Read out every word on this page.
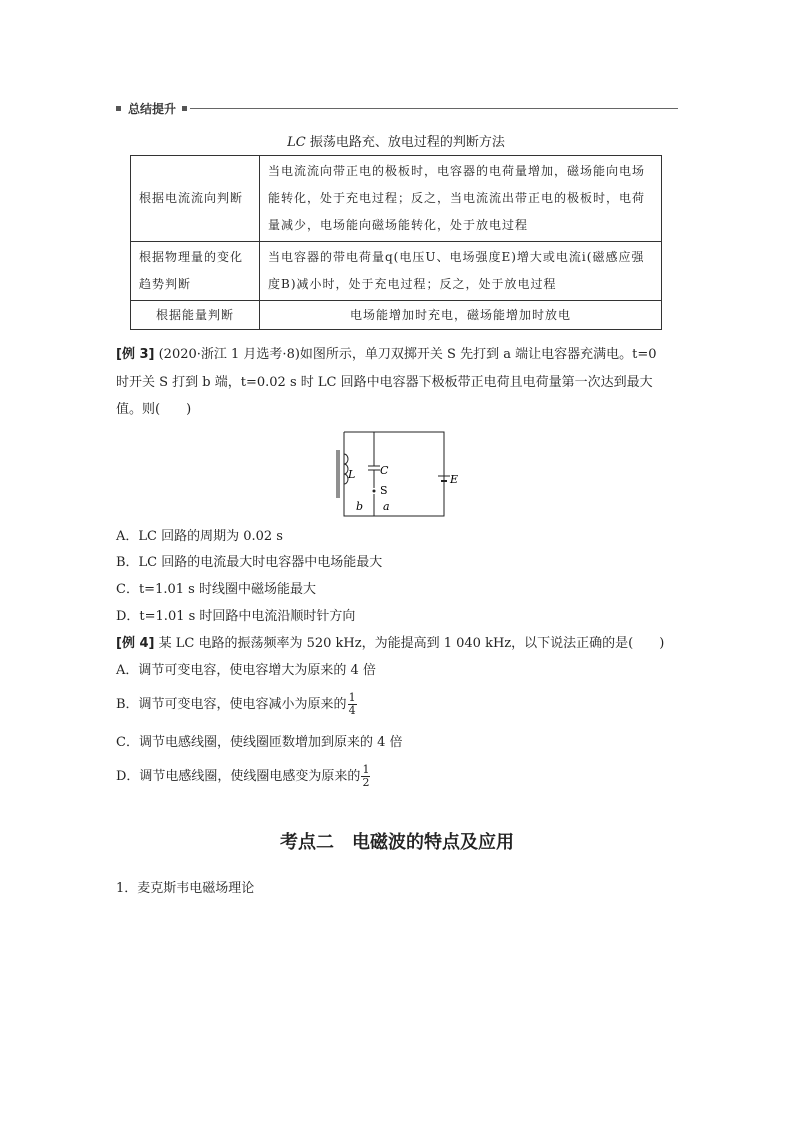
总结提升
LC 振荡电路充、放电过程的判断方法
根据电流流向判断	当电流流向带正电的极板时，电容器的电荷量增加，磁场能向电场能转化，处于充电过程；反之，当电流流出带正电的极板时，电荷量减少，电场能向磁场能转化，处于放电过程
根据物理量的变化趋势判断	当电容器的带电荷量q(电压U、电场强度E)增大或电流i(磁感应强度B)减小时，处于充电过程；反之，处于放电过程
根据能量判断	电场能增加时充电，磁场能增加时放电
[例 3] (2020·浙江 1 月选考·8)如图所示，单刀双掷开关 S 先打到 a 端让电容器充满电。t=0
时开关 S 打到 b 端，t=0.02 s 时 LC 回路中电容器下极板带正电荷且电荷量第一次达到最大
值。则(　　)
L C
S
b a
E
A．LC 回路的周期为 0.02 s
B．LC 回路的电流最大时电容器中电场能最大
C．t=1.01 s 时线圈中磁场能最大
D．t=1.01 s 时回路中电流沿顺时针方向
[例 4] 某 LC 电路的振荡频率为 520 kHz，为能提高到 1 040 kHz，以下说法正确的是(　　)
A．调节可变电容，使电容增大为原来的 4 倍
B．调节可变电容，使电容减小为原来的 $\frac{1}{4}$
C．调节电感线圈，使线圈匝数增加到原来的 4 倍
D．调节电感线圈，使线圈电感变为原来的 $\frac{1}{2}$
考点二　电磁波的特点及应用
1．麦克斯韦电磁场理论
